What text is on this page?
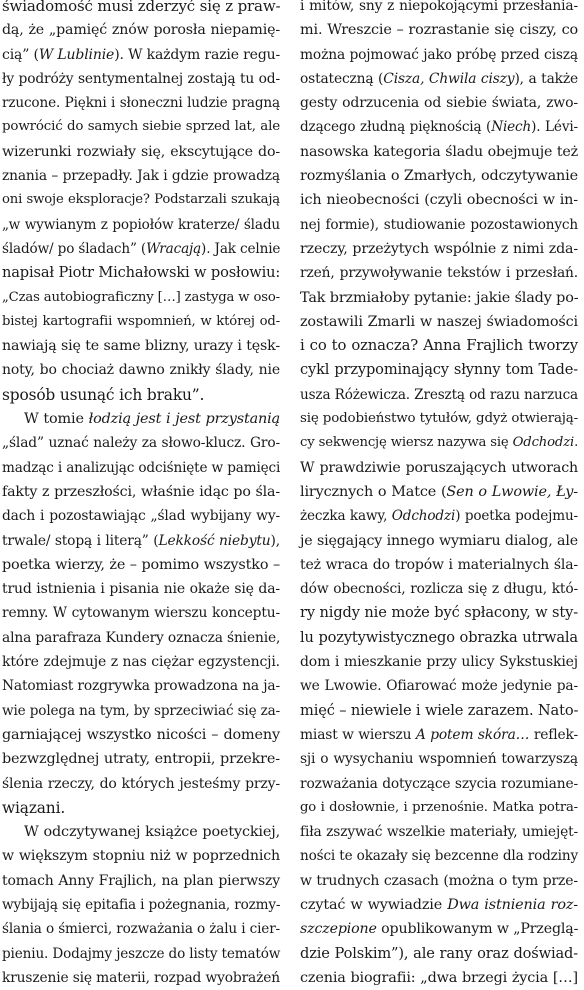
świadomość musi zderzyć się z praw-
dą, że „pamięć znów porosła niepamię-
cią” (W Lublinie). W każdym razie regu-
ły podróży sentymentalnej zostają tu od-
rzucone. Piękni i słoneczni ludzie pragną
powrócić do samych siebie sprzed lat, ale
wizerunki rozwiały się, ekscytujące do-
znania – przepadły. Jak i gdzie prowadzą
oni swoje eksploracje? Podstarzali szukają
„w wywianym z popiołów kraterze/ śladu
śladów/ po śladach” (Wracają). Jak celnie
napisał Piotr Michałowski w posłowiu:
„Czas autobiograficzny […] zastyga w oso-
bistej kartografii wspomnień, w której od-
nawiają się te same blizny, urazy i tęsk-
noty, bo chociaż dawno znikły ślady, nie
sposób usunąć ich braku”.
W tomie łodzią jest i jest przystanią
„ślad” uznać należy za słowo-klucz. Gro-
madząc i analizując odciśnięte w pamięci
fakty z przeszłości, właśnie idąc po śla-
dach i pozostawiając „ślad wybijany wy-
trwale/ stopą i literą” (Lekkość niebytu),
poetka wierzy, że – pomimo wszystko –
trud istnienia i pisania nie okaże się da-
remny. W cytowanym wierszu konceptu-
alna parafraza Kundery oznacza śnienie,
które zdejmuje z nas ciężar egzystencji.
Natomiast rozgrywka prowadzona na ja-
wie polega na tym, by sprzeciwiać się za-
garniającej wszystko nicości – domeny
bezwzględnej utraty, entropii, przekre-
ślenia rzeczy, do których jesteśmy przy-
wiązani.
W odczytywanej książce poetyckiej,
w większym stopniu niż w poprzednich
tomach Anny Frajlich, na plan pierwszy
wybijają się epitafia i pożegnania, rozmy-
ślania o śmierci, rozważania o żalu i cier-
pieniu. Dodajmy jeszcze do listy tematów
kruszenie się materii, rozpad wyobrażeń
i mitów, sny z niepokojącymi przesłania-
mi. Wreszcie – rozrastanie się ciszy, co
można pojmować jako próbę przed ciszą
ostateczną (Cisza, Chwila ciszy), a także
gesty odrzucenia od siebie świata, zwo-
dzącego złudną pięknością (Niech). Lévi-
nasowska kategoria śladu obejmuje też
rozmyślania o Zmarłych, odczytywanie
ich nieobecności (czyli obecności w in-
nej formie), studiowanie pozostawionych
rzeczy, przeżytych wspólnie z nimi zda-
rzeń, przywoływanie tekstów i przesłań.
Tak brzmiałoby pytanie: jakie ślady po-
zostawili Zmarli w naszej świadomości
i co to oznacza? Anna Frajlich tworzy
cykl przypominający słynny tom Tade-
usza Różewicza. Zresztą od razu narzuca
się podobieństwo tytułów, gdyż otwierają-
cy sekwencję wiersz nazywa się Odchodzi.
W prawdziwie poruszających utworach
lirycznych o Matce (Sen o Lwowie, Ły-
żeczka kawy, Odchodzi) poetka podejmu-
je sięgający innego wymiaru dialog, ale
też wraca do tropów i materialnych śla-
dów obecności, rozlicza się z długu, któ-
ry nigdy nie może być spłacony, w sty-
lu pozytywistycznego obrazka utrwala
dom i mieszkanie przy ulicy Sykstuskiej
we Lwowie. Ofiarować może jedynie pa-
mięć – niewiele i wiele zarazem. Nato-
miast w wierszu A potem skóra… reflek-
sji o wysychaniu wspomnień towarzyszą
rozważania dotyczące szycia rozumiane-
go i dosłownie, i przenośnie. Matka potra-
fiła zszywać wszelkie materiały, umiejęt-
ności te okazały się bezcenne dla rodziny
w trudnych czasach (można o tym prze-
czytać w wywiadzie Dwa istnienia roz-
szczepione opublikowanym w „Przeglą-
dzie Polskim”), ale rany oraz doświad-
czenia biografii: „dwa brzegi życia […]
